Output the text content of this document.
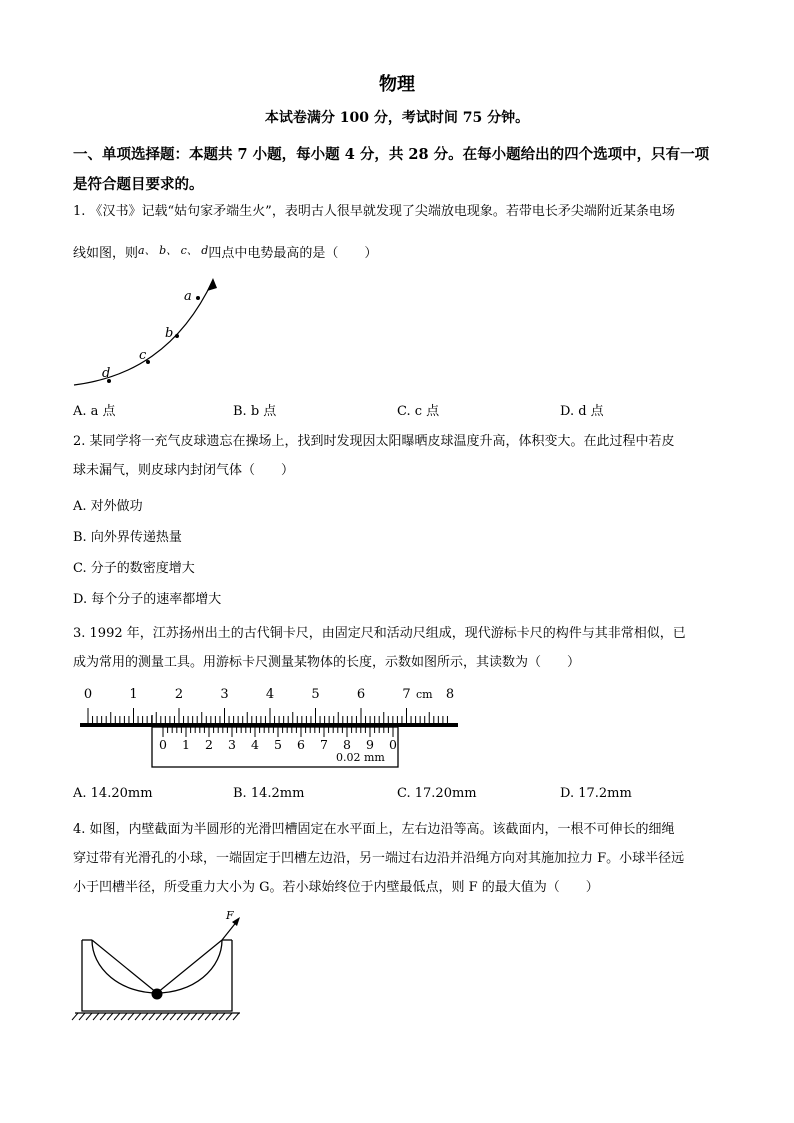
物理
本试卷满分 100 分，考试时间 75 分钟。
一、单项选择题：本题共 7 小题，每小题 4 分，共 28 分。在每小题给出的四个选项中，只有一项是符合题目要求的。
1. 《汉书》记载“姑句家矛端生火”，表明古人很早就发现了尖端放电现象。若带电长矛尖端附近某条电场
线如图，则$^{a、 b、 c、 d}$四点中电势最高的是（　　）
a
b
c
d
A. a 点	B. b 点	C. c 点	D. d 点
2. 某同学将一充气皮球遗忘在操场上，找到时发现因太阳曝晒皮球温度升高，体积变大。在此过程中若皮
球未漏气，则皮球内封闭气体（　　）
A. 对外做功
B. 向外界传递热量
C. 分子的数密度增大
D. 每个分子的速率都增大
3. 1992 年，江苏扬州出土的古代铜卡尺，由固定尺和活动尺组成，现代游标卡尺的构件与其非常相似，已
成为常用的测量工具。用游标卡尺测量某物体的长度，示数如图所示，其读数为（　　）
0	1	2	3	4	5	6	7	8
0 1 2 3 4 5 6 7 8 9 0
cm
0.02 mm
A. 14.20mm	B. 14.2mm	C. 17.20mm	D. 17.2mm
4. 如图，内壁截面为半圆形的光滑凹槽固定在水平面上，左右边沿等高。该截面内，一根不可伸长的细绳
穿过带有光滑孔的小球，一端固定于凹槽左边沿，另一端过右边沿并沿绳方向对其施加拉力 F。小球半径远
小于凹槽半径，所受重力大小为 G。若小球始终位于内壁最低点，则 F 的最大值为（　　）
F
